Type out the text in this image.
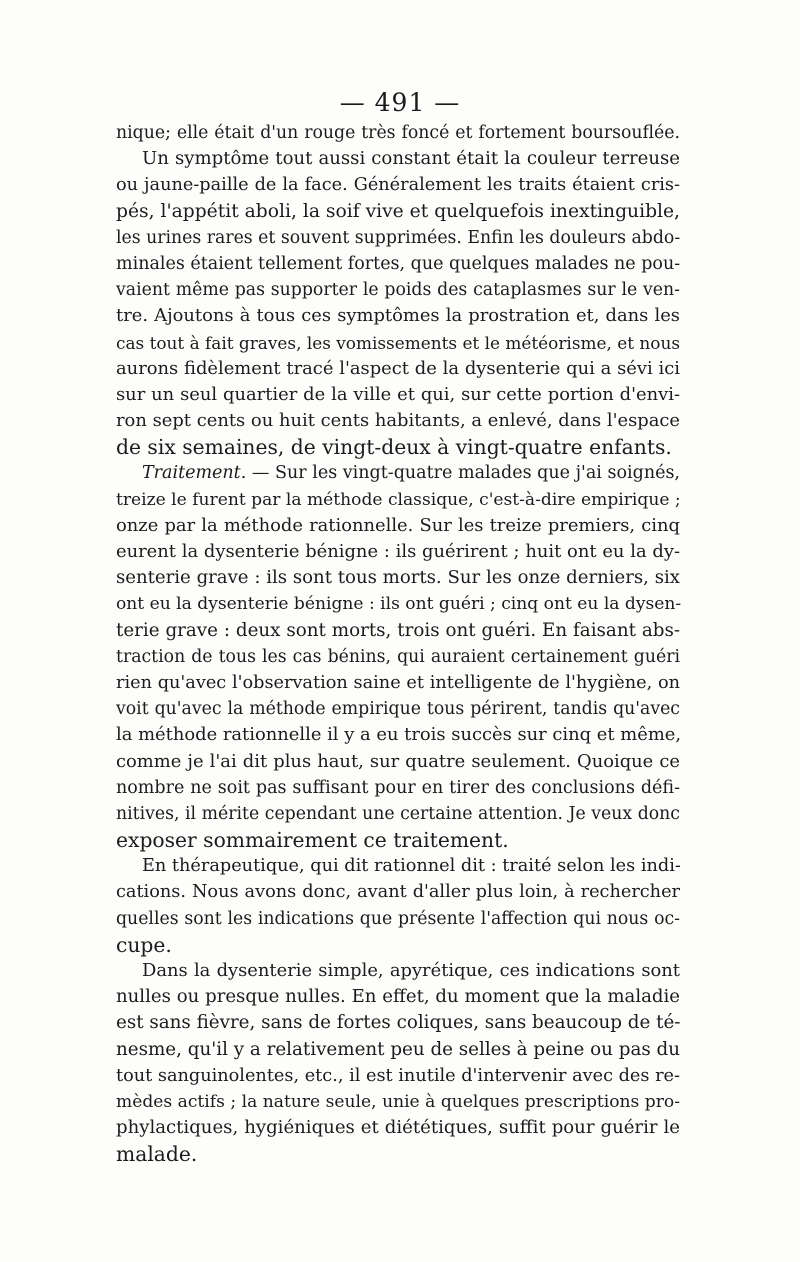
— 491 —
nique; elle était d'un rouge très foncé et fortement boursouflée.
Un symptôme tout aussi constant était la couleur terreuse
ou jaune-paille de la face. Généralement les traits étaient cris-
pés, l'appétit aboli, la soif vive et quelquefois inextinguible,
les urines rares et souvent supprimées. Enfin les douleurs abdo-
minales étaient tellement fortes, que quelques malades ne pou-
vaient même pas supporter le poids des cataplasmes sur le ven-
tre. Ajoutons à tous ces symptômes la prostration et, dans les
cas tout à fait graves, les vomissements et le météorisme, et nous
aurons fidèlement tracé l'aspect de la dysenterie qui a sévi ici
sur un seul quartier de la ville et qui, sur cette portion d'envi-
ron sept cents ou huit cents habitants, a enlevé, dans l'espace
de six semaines, de vingt-deux à vingt-quatre enfants.
Traitement. — Sur les vingt-quatre malades que j'ai soignés,
treize le furent par la méthode classique, c'est-à-dire empirique ;
onze par la méthode rationnelle. Sur les treize premiers, cinq
eurent la dysenterie bénigne : ils guérirent ; huit ont eu la dy-
senterie grave : ils sont tous morts. Sur les onze derniers, six
ont eu la dysenterie bénigne : ils ont guéri ; cinq ont eu la dysen-
terie grave : deux sont morts, trois ont guéri. En faisant abs-
traction de tous les cas bénins, qui auraient certainement guéri
rien qu'avec l'observation saine et intelligente de l'hygiène, on
voit qu'avec la méthode empirique tous périrent, tandis qu'avec
la méthode rationnelle il y a eu trois succès sur cinq et même,
comme je l'ai dit plus haut, sur quatre seulement. Quoique ce
nombre ne soit pas suffisant pour en tirer des conclusions défi-
nitives, il mérite cependant une certaine attention. Je veux donc
exposer sommairement ce traitement.
En thérapeutique, qui dit rationnel dit : traité selon les indi-
cations. Nous avons donc, avant d'aller plus loin, à rechercher
quelles sont les indications que présente l'affection qui nous oc-
cupe.
Dans la dysenterie simple, apyrétique, ces indications sont
nulles ou presque nulles. En effet, du moment que la maladie
est sans fièvre, sans de fortes coliques, sans beaucoup de té-
nesme, qu'il y a relativement peu de selles à peine ou pas du
tout sanguinolentes, etc., il est inutile d'intervenir avec des re-
mèdes actifs ; la nature seule, unie à quelques prescriptions pro-
phylactiques, hygiéniques et diététiques, suffit pour guérir le
malade.
